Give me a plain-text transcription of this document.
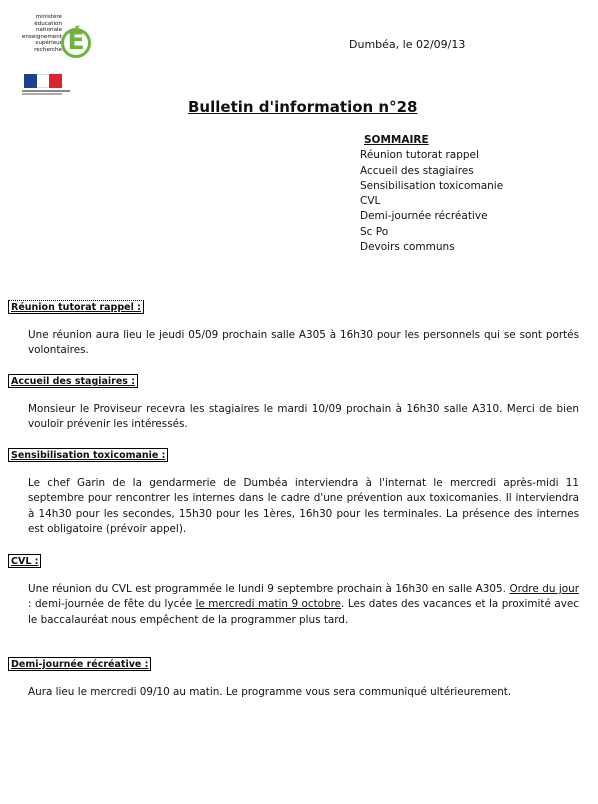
ministère
éducation
nationale
enseignement
supérieur
recherche É	Dumbéa, le 02/09/13
Bulletin d'information n°28
SOMMAIRE
Réunion tutorat rappel
Accueil des stagiaires
Sensibilisation toxicomanie
CVL
Demi-journée récréative
Sc Po
Devoirs communs
Réunion tutorat rappel :
Une réunion aura lieu le jeudi 05/09 prochain salle A305 à 16h30 pour les personnels qui se sont portés volontaires.
Accueil des stagiaires :
Monsieur le Proviseur recevra les stagiaires le mardi 10/09 prochain à 16h30 salle A310. Merci de bien vouloir prévenir les intéressés.
Sensibilisation toxicomanie :
Le chef Garin de la gendarmerie de Dumbéa interviendra à l'internat le mercredi après-midi 11 septembre pour rencontrer les internes dans le cadre d'une prévention aux toxicomanies. Il interviendra à 14h30 pour les secondes, 15h30 pour les 1ères, 16h30 pour les terminales. La présence des internes est obligatoire (prévoir appel).
CVL :
Une réunion du CVL est programmée le lundi 9 septembre prochain à 16h30 en salle A305. Ordre du jour : demi-journée de fête du lycée le mercredi matin 9 octobre. Les dates des vacances et la proximité avec le baccalauréat nous empêchent de la programmer plus tard.
Demi-journée récréative :
Aura lieu le mercredi 09/10 au matin. Le programme vous sera communiqué ultérieurement.
